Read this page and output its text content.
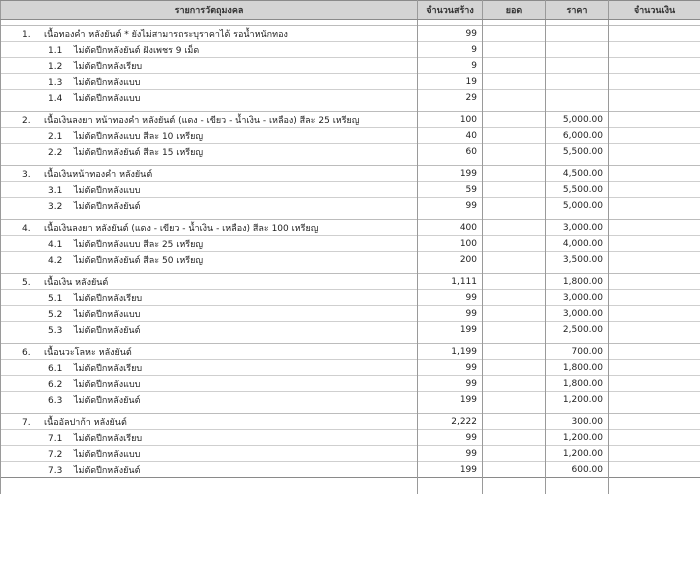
รายการวัตถุมงคล	จำนวนสร้าง	ยอด	ราคา	จำนวนเงิน

1. เนื้อทองคำ หลังยันต์ * ยังไม่สามารถระบุราคาได้ รอน้ำหนักทอง	99			
1.1 ไม่ตัดปีกหลังยันต์ ฝังเพชร 9 เม็ด	9			
1.2 ไม่ตัดปีกหลังเรียบ	9			
1.3 ไม่ตัดปีกหลังแบบ	19			
1.4 ไม่ตัดปีกหลังแบบ	29			

2. เนื้อเงินลงยา หน้าทองคำ หลังยันต์ (แดง - เขียว - น้ำเงิน - เหลือง) สีละ 25 เหรียญ	100		5,000.00	
2.1 ไม่ตัดปีกหลังแบบ สีละ 10 เหรียญ	40		6,000.00	
2.2 ไม่ตัดปีกหลังยันต์ สีละ 15 เหรียญ	60		5,500.00	

3. เนื้อเงินหน้าทองคำ หลังยันต์	199		4,500.00	
3.1 ไม่ตัดปีกหลังแบบ	59		5,500.00	
3.2 ไม่ตัดปีกหลังยันต์	99		5,000.00	

4. เนื้อเงินลงยา หลังยันต์ (แดง - เขียว - น้ำเงิน - เหลือง) สีละ 100 เหรียญ	400		3,000.00	
4.1 ไม่ตัดปีกหลังแบบ สีละ 25 เหรียญ	100		4,000.00	
4.2 ไม่ตัดปีกหลังยันต์ สีละ 50 เหรียญ	200		3,500.00	

5. เนื้อเงิน หลังยันต์	1,111		1,800.00	
5.1 ไม่ตัดปีกหลังเรียบ	99		3,000.00	
5.2 ไม่ตัดปีกหลังแบบ	99		3,000.00	
5.3 ไม่ตัดปีกหลังยันต์	199		2,500.00	

6. เนื้อนวะโลหะ หลังยันต์	1,199		700.00	
6.1 ไม่ตัดปีกหลังเรียบ	99		1,800.00	
6.2 ไม่ตัดปีกหลังแบบ	99		1,800.00	
6.3 ไม่ตัดปีกหลังยันต์	199		1,200.00	

7. เนื้ออัลปาก้า หลังยันต์	2,222		300.00	
7.1 ไม่ตัดปีกหลังเรียบ	99		1,200.00	
7.2 ไม่ตัดปีกหลังแบบ	99		1,200.00	
7.3 ไม่ตัดปีกหลังยันต์	199		600.00	
